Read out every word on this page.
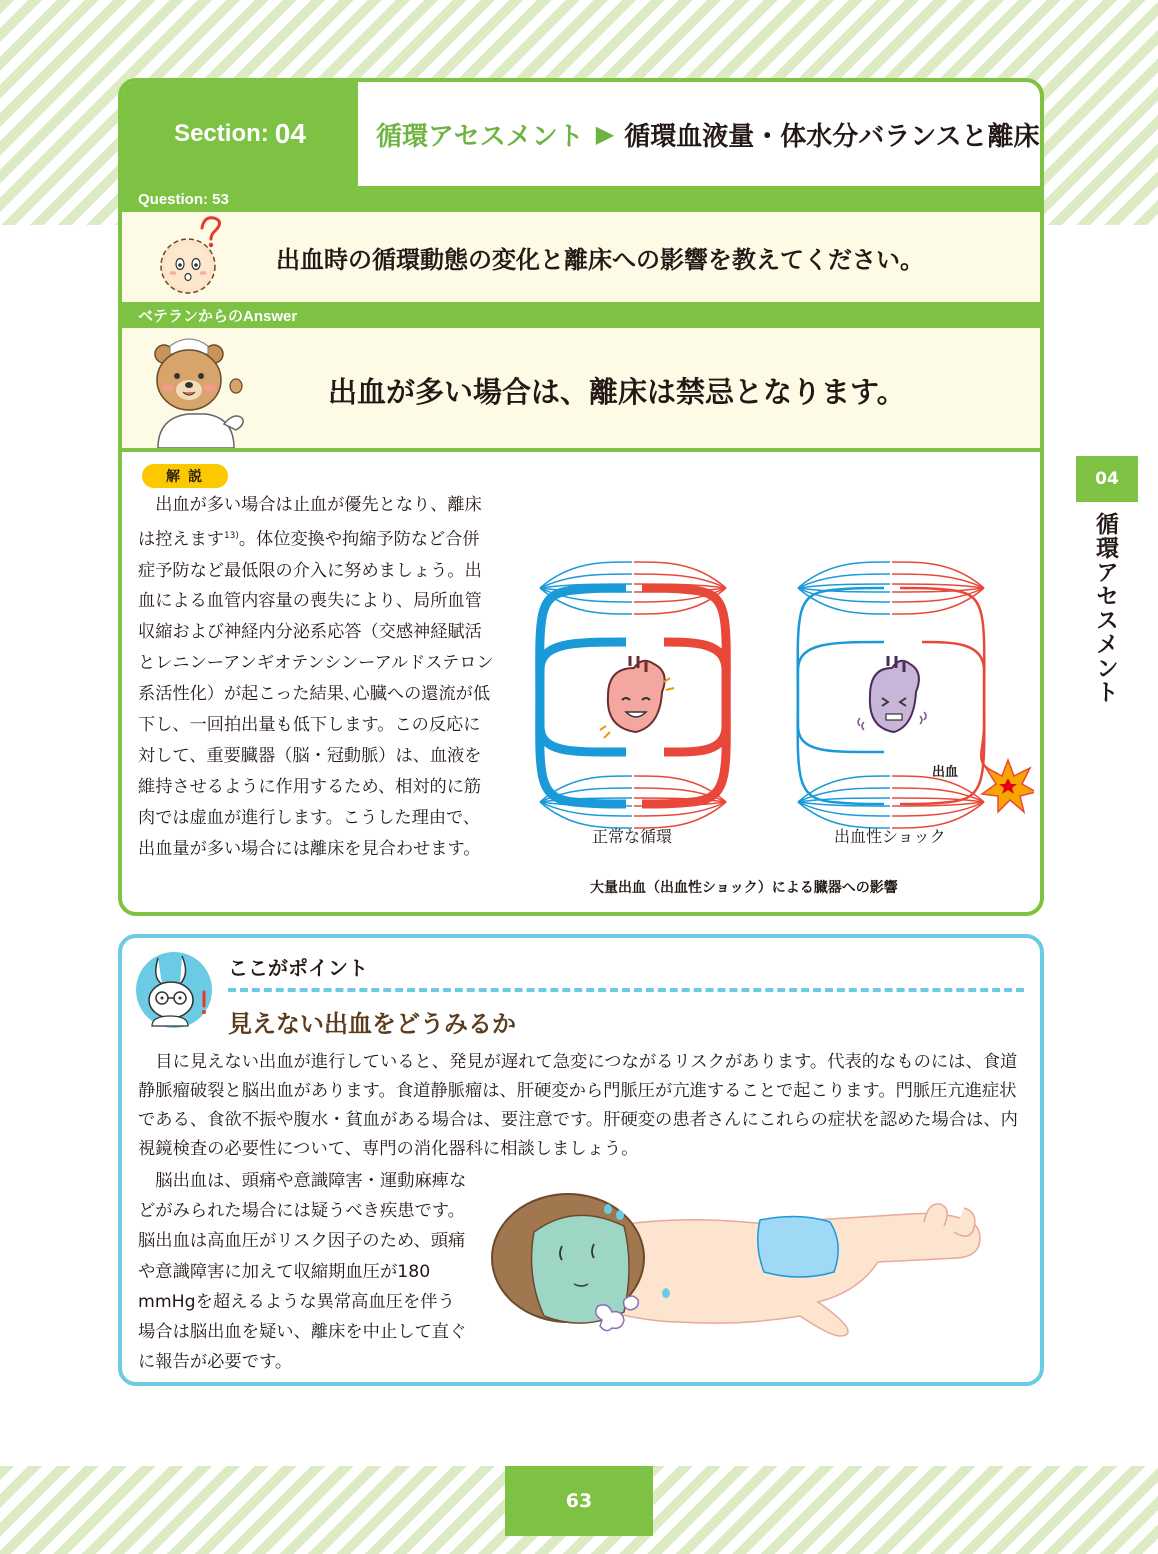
Section: 04	循環アセスメント ▶ 循環血液量・体水分バランスと離床
Question: 53
出血時の循環動態の変化と離床への影響を教えてください。
ベテランからのAnswer
出血が多い場合は、離床は禁忌となります。
解説

出血が多い場合は止血が優先となり、離床は控えます$^{13)}$。体位変換や拘縮予防など合併症予防など最低限の介入に努めましょう。出血による血管内容量の喪失により、局所血管収縮および神経内分泌系応答（交感神経賦活とレニンーアンギオテンシンーアルドステロン系活性化）が起こった結果､心臓への還流が低下し、一回拍出量も低下します。この反応に対して、重要臓器（脳・冠動脈）は、血液を維持させるように作用するため、相対的に筋肉では虚血が進行します。こうした理由で、出血量が多い場合には離床を見合わせます。

出血
正常な循環	出血性ショック
大量出血（出血性ショック）による臓器への影響
04
循環アセスメント
ここがポイント
見えない出血をどうみるか

目に見えない出血が進行していると、発見が遅れて急変につながるリスクがあります。代表的なものには、食道静脈瘤破裂と脳出血があります。食道静脈瘤は、肝硬変から門脈圧が亢進することで起こります。門脈圧亢進症状である、食欲不振や腹水・貧血がある場合は、要注意です。肝硬変の患者さんにこれらの症状を認めた場合は、内視鏡検査の必要性について、専門の消化器科に相談しましょう。

脳出血は、頭痛や意識障害・運動麻痺などがみられた場合には疑うべき疾患です。脳出血は高血圧がリスク因子のため、頭痛や意識障害に加えて収縮期血圧が180 mmHgを超えるような異常高血圧を伴う場合は脳出血を疑い、離床を中止して直ぐに報告が必要です。

63
